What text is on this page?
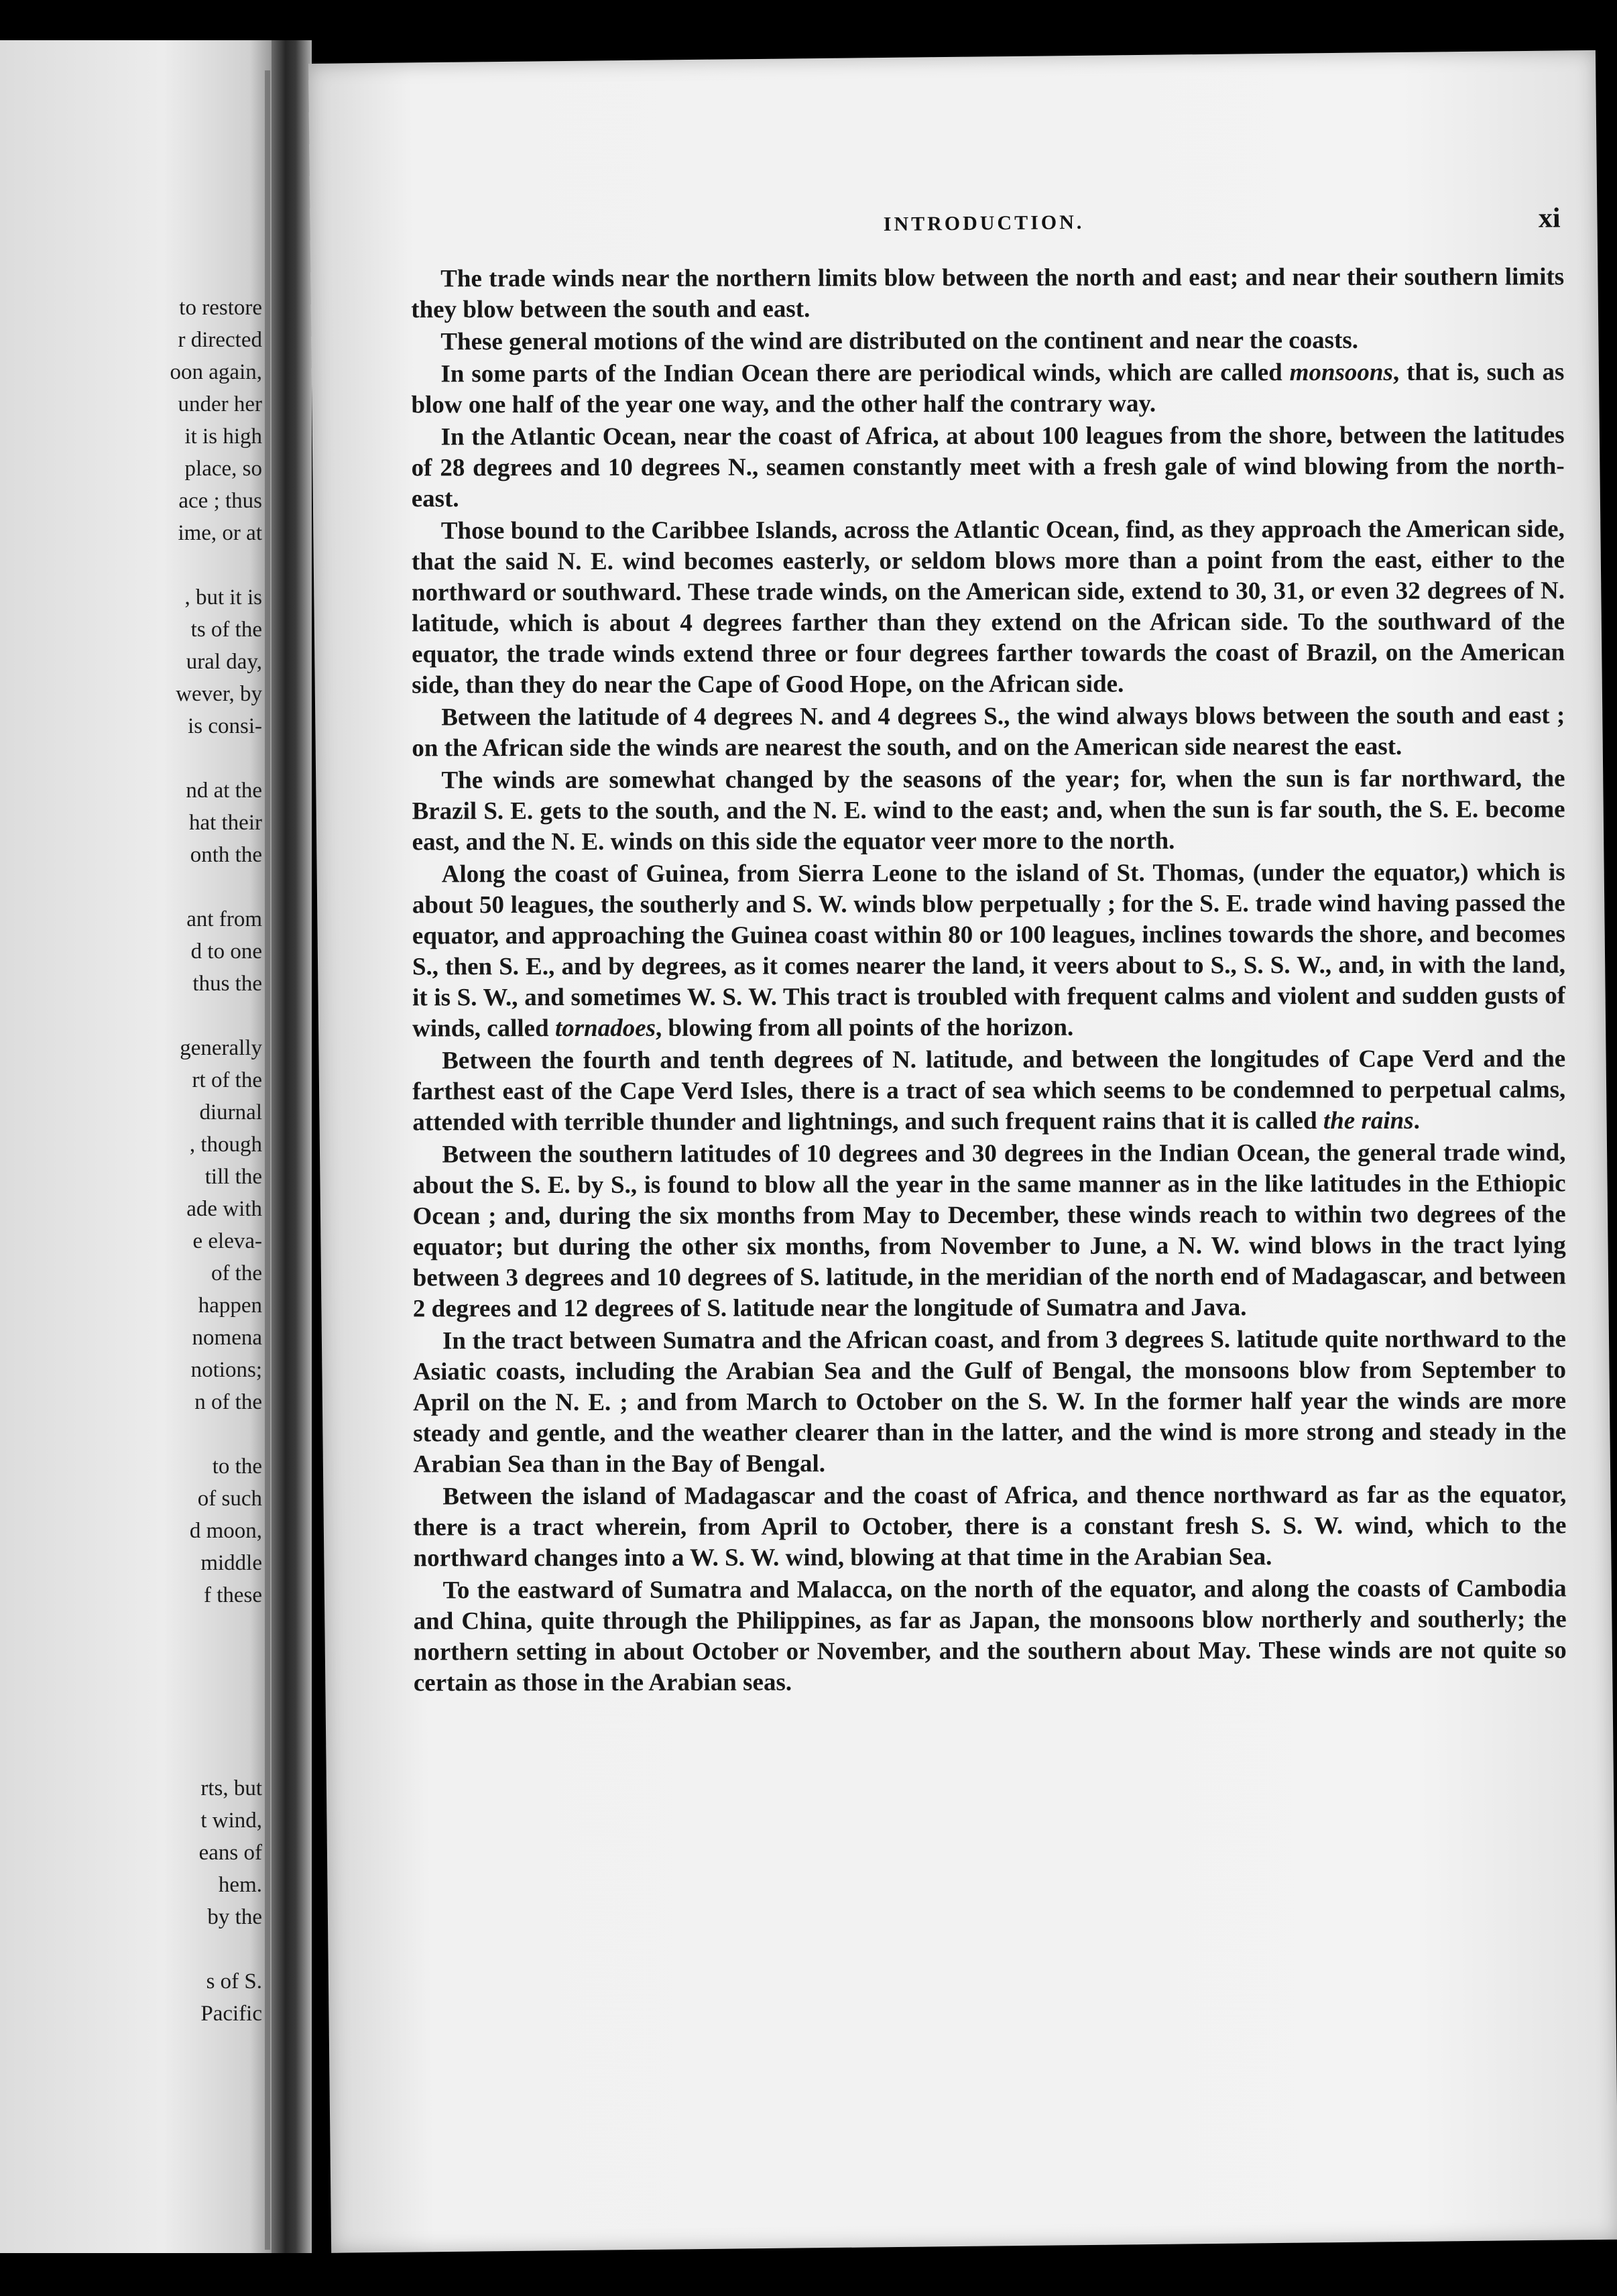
to restore
r directed
oon again,
under her
it is high
place, so
ace ; thus
ime, or at
, but it is
ts of the
ural day,
wever, by
is consi-
nd at the
hat their
onth the
ant from
d to one
thus the
generally
rt of the
diurnal
, though
till the
ade with
e eleva-
of the
happen
nomena
notions;
n of the
to the
of such
d moon,
middle
f these
rts, but
t wind,
eans of
hem.
by the
s of S.
Pacific
INTRODUCTION.	xi

The trade winds near the northern limits blow between the north and east; and near their southern limits they blow between the south and east.

These general motions of the wind are distributed on the continent and near the coasts.

In some parts of the Indian Ocean there are periodical winds, which are called monsoons, that is, such as blow one half of the year one way, and the other half the contrary way.

In the Atlantic Ocean, near the coast of Africa, at about 100 leagues from the shore, between the latitudes of 28 degrees and 10 degrees N., seamen constantly meet with a fresh gale of wind blowing from the north-east.

Those bound to the Caribbee Islands, across the Atlantic Ocean, find, as they approach the American side, that the said N. E. wind becomes easterly, or seldom blows more than a point from the east, either to the northward or southward. These trade winds, on the American side, extend to 30, 31, or even 32 degrees of N. latitude, which is about 4 degrees farther than they extend on the African side. To the southward of the equator, the trade winds extend three or four degrees farther towards the coast of Brazil, on the American side, than they do near the Cape of Good Hope, on the African side.

Between the latitude of 4 degrees N. and 4 degrees S., the wind always blows between the south and east ; on the African side the winds are nearest the south, and on the American side nearest the east.

The winds are somewhat changed by the seasons of the year; for, when the sun is far northward, the Brazil S. E. gets to the south, and the N. E. wind to the east; and, when the sun is far south, the S. E. become east, and the N. E. winds on this side the equator veer more to the north.

Along the coast of Guinea, from Sierra Leone to the island of St. Thomas, (under the equator,) which is about 50 leagues, the southerly and S. W. winds blow perpetually ; for the S. E. trade wind having passed the equator, and approaching the Guinea coast within 80 or 100 leagues, inclines towards the shore, and becomes S., then S. E., and by degrees, as it comes nearer the land, it veers about to S., S. S. W., and, in with the land, it is S. W., and sometimes W. S. W. This tract is troubled with frequent calms and violent and sudden gusts of winds, called tornadoes, blowing from all points of the horizon.

Between the fourth and tenth degrees of N. latitude, and between the longitudes of Cape Verd and the farthest east of the Cape Verd Isles, there is a tract of sea which seems to be condemned to perpetual calms, attended with terrible thunder and lightnings, and such frequent rains that it is called the rains.

Between the southern latitudes of 10 degrees and 30 degrees in the Indian Ocean, the general trade wind, about the S. E. by S., is found to blow all the year in the same manner as in the like latitudes in the Ethiopic Ocean ; and, during the six months from May to December, these winds reach to within two degrees of the equator; but during the other six months, from November to June, a N. W. wind blows in the tract lying between 3 degrees and 10 degrees of S. latitude, in the meridian of the north end of Madagascar, and between 2 degrees and 12 degrees of S. latitude near the longitude of Sumatra and Java.

In the tract between Sumatra and the African coast, and from 3 degrees S. latitude quite northward to the Asiatic coasts, including the Arabian Sea and the Gulf of Bengal, the monsoons blow from September to April on the N. E. ; and from March to October on the S. W. In the former half year the winds are more steady and gentle, and the weather clearer than in the latter, and the wind is more strong and steady in the Arabian Sea than in the Bay of Bengal.

Between the island of Madagascar and the coast of Africa, and thence northward as far as the equator, there is a tract wherein, from April to October, there is a constant fresh S. S. W. wind, which to the northward changes into a W. S. W. wind, blowing at that time in the Arabian Sea.

To the eastward of Sumatra and Malacca, on the north of the equator, and along the coasts of Cambodia and China, quite through the Philippines, as far as Japan, the monsoons blow northerly and southerly; the northern setting in about October or November, and the southern about May. These winds are not quite so certain as those in the Arabian seas.
